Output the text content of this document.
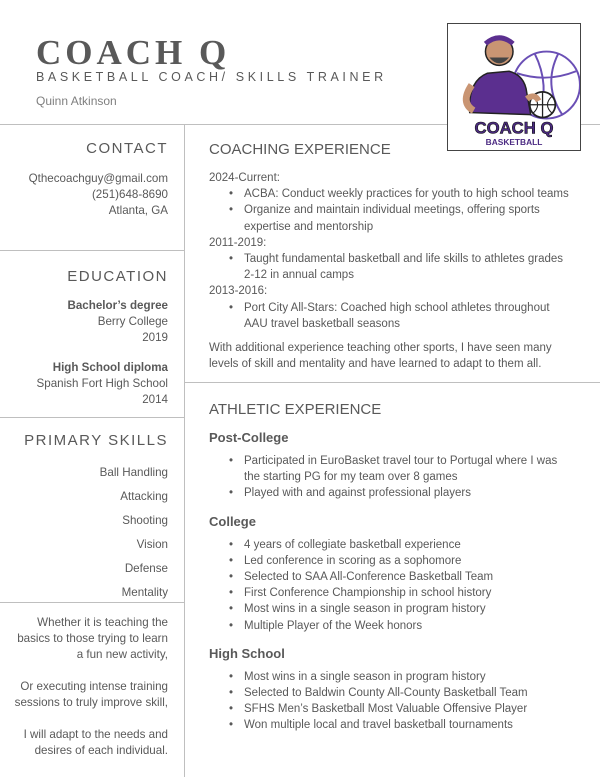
COACH Q
BASKETBALL COACH/ SKILLS TRAINER
Quinn Atkinson
COACH Q
BASKETBALL
CONTACT
Qthecoachguy@gmail.com
(251)648-8690
Atlanta, GA
EDUCATION
Bachelor’s degree
Berry College
2019
High School diploma
Spanish Fort High School
2014
PRIMARY SKILLS
Ball Handling
Attacking
Shooting
Vision
Defense
Mentality
Whether it is teaching the
basics to those trying to learn
a fun new activity,
Or executing intense training
sessions to truly improve skill,
I will adapt to the needs and
desires of each individual.
COACHING EXPERIENCE
2024-Current:
• ACBA: Conduct weekly practices for youth to high school teams
• Organize and maintain individual meetings, offering sports expertise and mentorship
2011-2019:
• Taught fundamental basketball and life skills to athletes grades 2-12 in annual camps
2013-2016:
• Port City All-Stars: Coached high school athletes throughout AAU travel basketball seasons
With additional experience teaching other sports, I have seen many levels of skill and mentality and have learned to adapt to them all.
ATHLETIC EXPERIENCE
Post-College
• Participated in EuroBasket travel tour to Portugal where I was the starting PG for my team over 8 games
• Played with and against professional players
College
• 4 years of collegiate basketball experience
• Led conference in scoring as a sophomore
• Selected to SAA All-Conference Basketball Team
• First Conference Championship in school history
• Most wins in a single season in program history
• Multiple Player of the Week honors
High School
• Most wins in a single season in program history
• Selected to Baldwin County All-County Basketball Team
• SFHS Men’s Basketball Most Valuable Offensive Player
• Won multiple local and travel basketball tournaments
